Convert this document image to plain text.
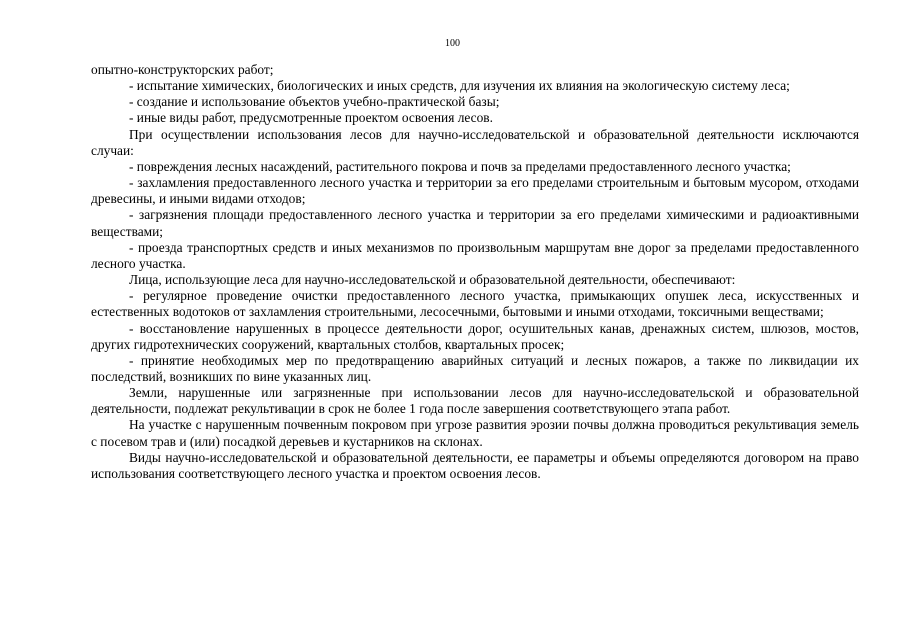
100

опытно-конструкторских работ;

- испытание химических, биологических и иных средств, для изучения их влияния на экологическую систему леса;

- создание и использование объектов учебно-практической базы;

- иные виды работ, предусмотренные проектом освоения лесов.

При осуществлении использования лесов для научно-исследовательской и образовательной деятельности исключаются случаи:

- повреждения лесных насаждений, растительного покрова и почв за пределами предоставленного лесного участка;

- захламления предоставленного лесного участка и территории за его пределами строительным и бытовым мусором, отходами древесины, и иными видами отходов;

- загрязнения площади предоставленного лесного участка и территории за его пределами химическими и радиоактивными веществами;

- проезда транспортных средств и иных механизмов по произвольным маршрутам вне дорог за пределами предоставленного лесного участка.

Лица, использующие леса для научно-исследовательской и образовательной деятельности, обеспечивают:

- регулярное проведение очистки предоставленного лесного участка, примыкающих опушек леса, искусственных и естественных водотоков от захламления строительными, лесосечными, бытовыми и иными отходами, токсичными веществами;

- восстановление нарушенных в процессе деятельности дорог, осушительных канав, дренажных систем, шлюзов, мостов, других гидротехнических сооружений, квартальных столбов, квартальных просек;

- принятие необходимых мер по предотвращению аварийных ситуаций и лесных пожаров, а также по ликвидации их последствий, возникших по вине указанных лиц.

Земли, нарушенные или загрязненные при использовании лесов для научно-исследовательской и образовательной деятельности, подлежат рекультивации в срок не более 1 года после завершения соответствующего этапа работ.

На участке с нарушенным почвенным покровом при угрозе развития эрозии почвы должна проводиться рекультивация земель с посевом трав и (или) посадкой деревьев и кустарников на склонах.

Виды научно-исследовательской и образовательной деятельности, ее параметры и объемы определяются договором на право использования соответствующего лесного участка и проектом освоения лесов.
